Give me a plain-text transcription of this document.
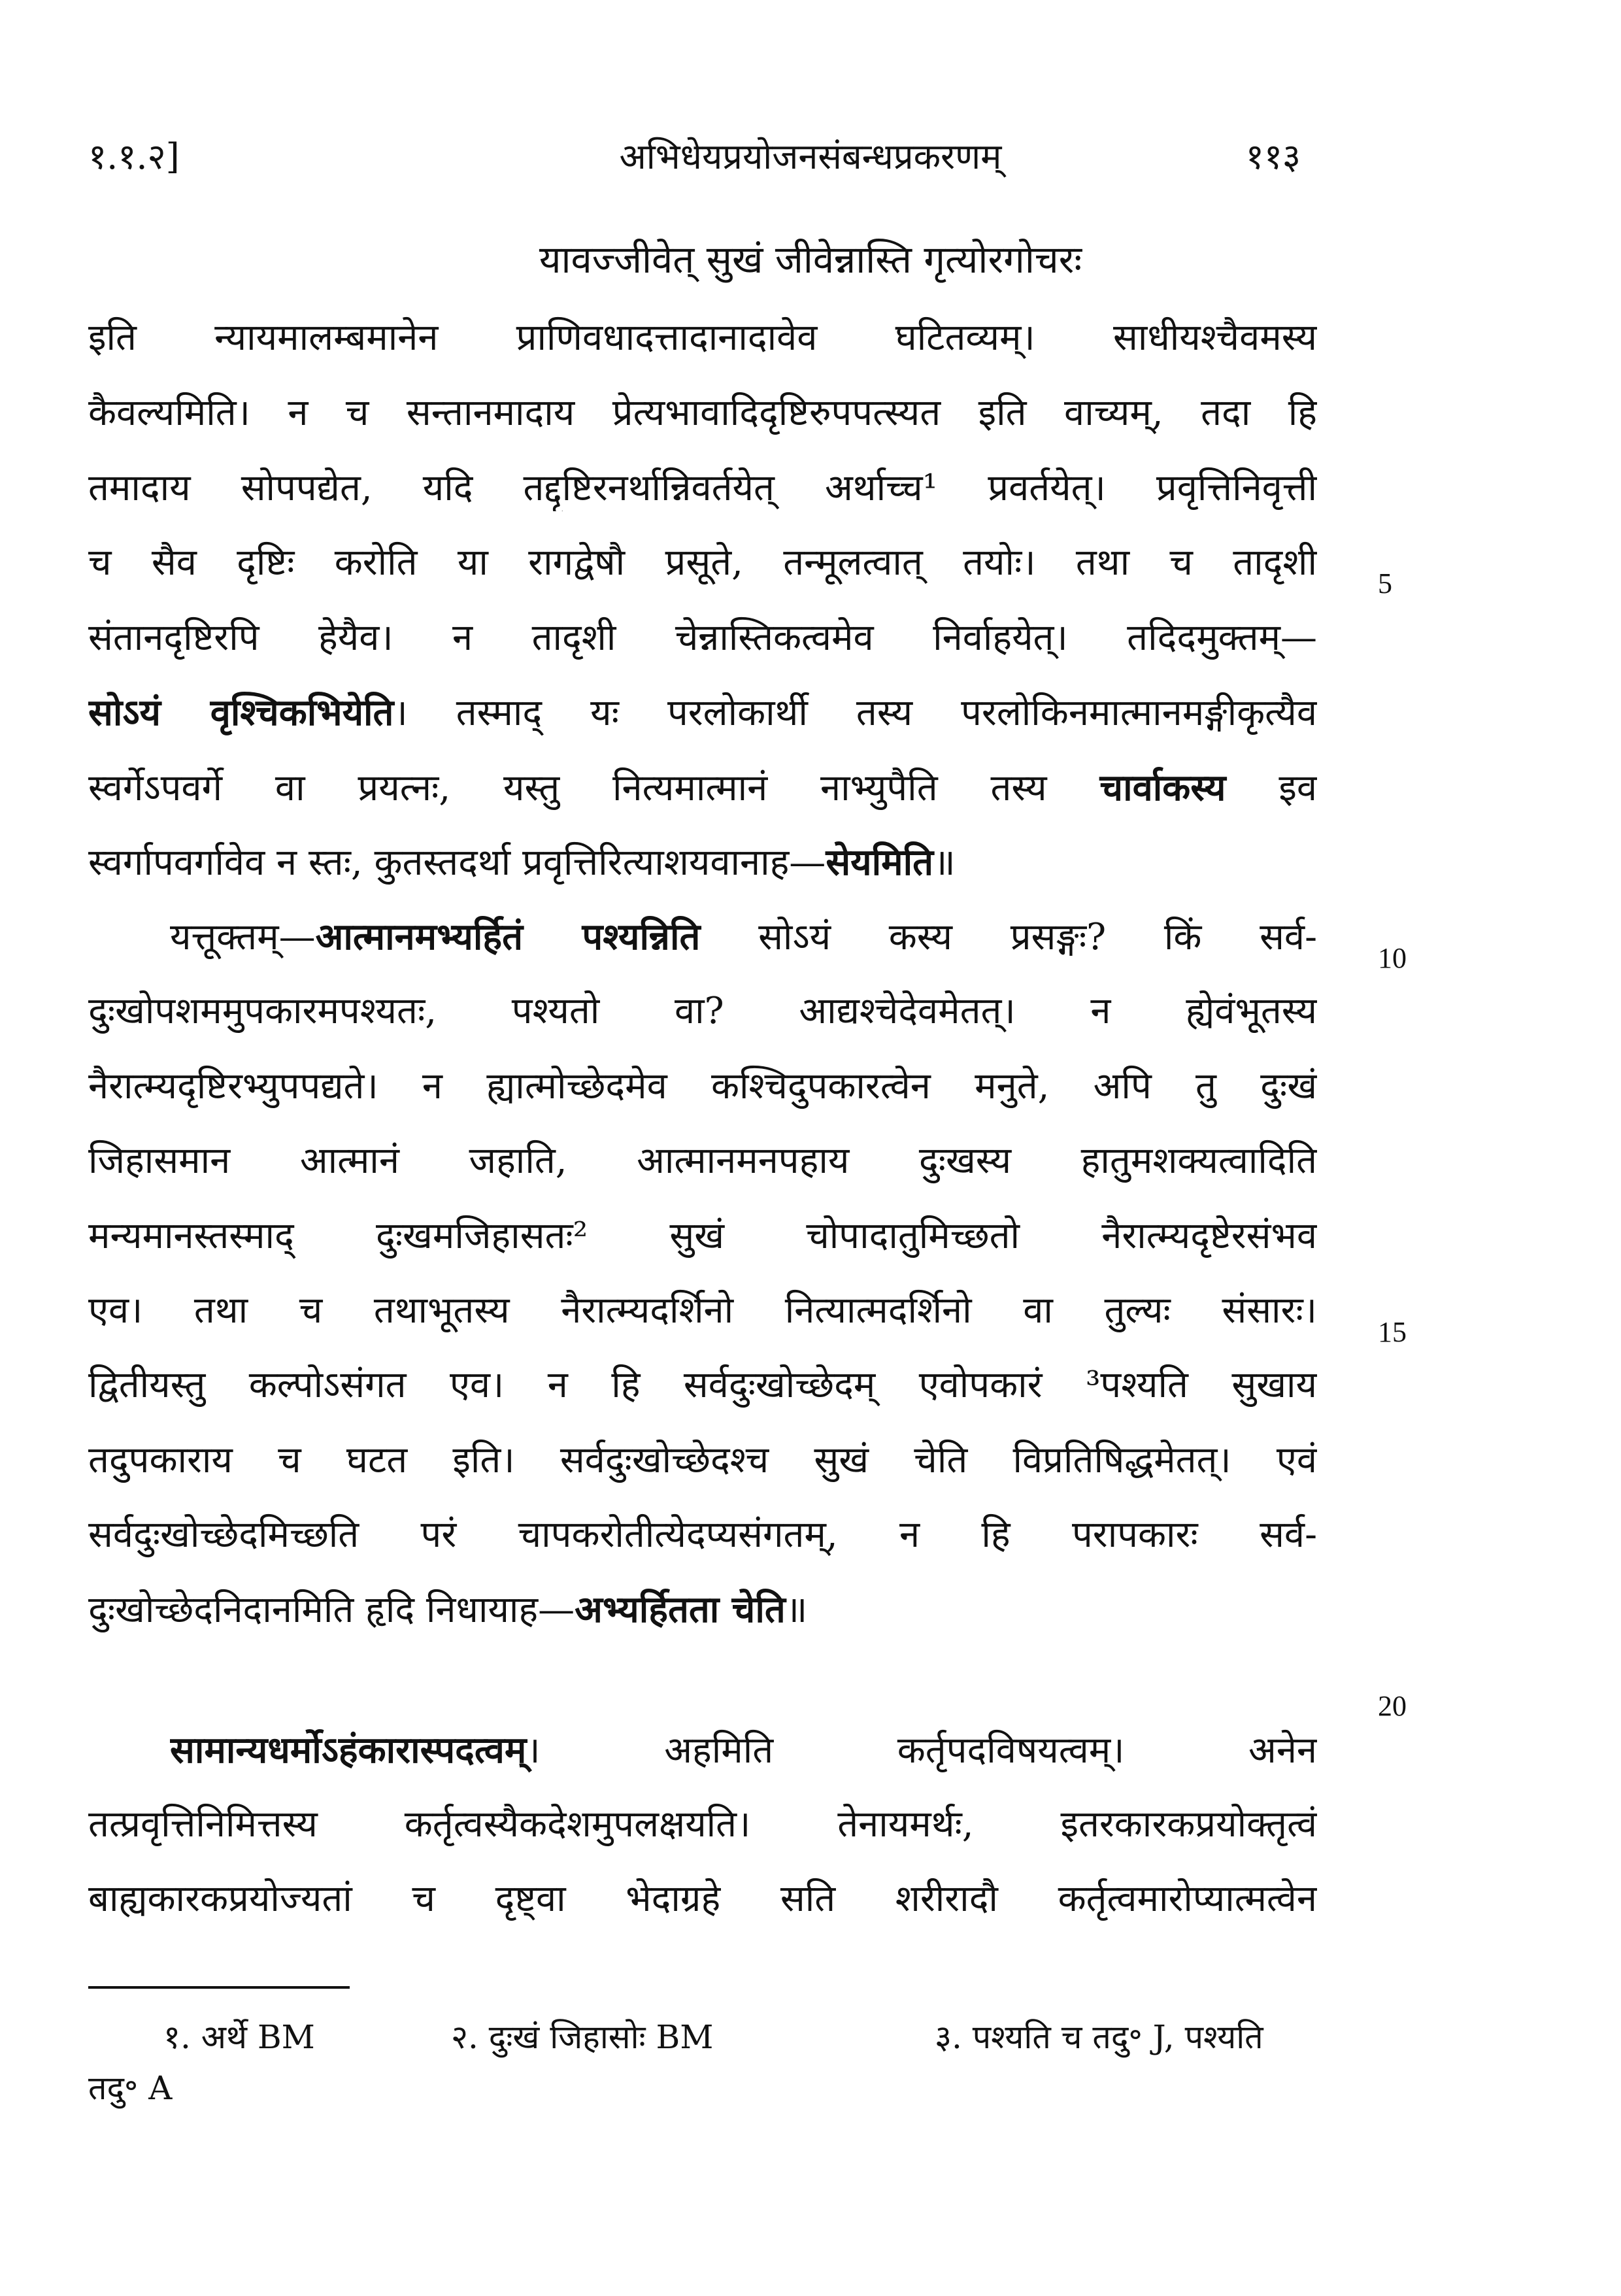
अभिधेयप्रयोजनसंबन्धप्रकरणम्
१.१.२]	११३
यावज्जीवेत् सुखं जीवेन्नास्ति गृत्योरगोचरः
इति न्यायमालम्बमानेन प्राणिवधादत्तादानादावेव घटितव्यम्। साधीयश्चैवमस्य
कैवल्यमिति। न च सन्तानमादाय प्रेत्यभावादिदृष्टिरुपपत्स्यत इति वाच्यम्, तदा हि
तमादाय सोपपद्येत, यदि तद्दृष्टिरनर्थान्निवर्तयेत् अर्थाच्च¹ प्रवर्तयेत्। प्रवृत्तिनिवृत्ती
च सैव दृष्टिः करोति या रागद्वेषौ प्रसूते, तन्मूलत्वात् तयोः। तथा च तादृशी
संतानदृष्टिरपि हेयैव। न तादृशी चेन्नास्तिकत्वमेव निर्वाहयेत्। तदिदमुक्तम्—
सोऽयं वृश्चिकभियेति। तस्माद् यः परलोकार्थी तस्य परलोकिनमात्मानमङ्गीकृत्यैव
स्वर्गेऽपवर्गे वा प्रयत्नः, यस्तु नित्यमात्मानं नाभ्युपैति तस्य चार्वाकस्य इव
स्वर्गापवर्गावेव न स्तः, कुतस्तदर्था प्रवृत्तिरित्याशयवानाह—सेयमिति॥
यत्तूक्तम्—आत्मानमभ्यर्हितं पश्यन्निति सोऽयं कस्य प्रसङ्गः? किं सर्व-
दुःखोपशममुपकारमपश्यतः, पश्यतो वा? आद्यश्चेदेवमेतत्। न ह्येवंभूतस्य
नैरात्म्यदृष्टिरभ्युपपद्यते। न ह्यात्मोच्छेदमेव कश्चिदुपकारत्वेन मनुते, अपि तु दुःखं
जिहासमान आत्मानं जहाति, आत्मानमनपहाय दुःखस्य हातुमशक्यत्वादिति
मन्यमानस्तस्माद् दुःखमजिहासतः² सुखं चोपादातुमिच्छतो नैरात्म्यदृष्टेरसंभव
एव। तथा च तथाभूतस्य नैरात्म्यदर्शिनो नित्यात्मदर्शिनो वा तुल्यः संसारः।
द्वितीयस्तु कल्पोऽसंगत एव। न हि सर्वदुःखोच्छेदम् एवोपकारं ³पश्यति सुखाय
तदुपकाराय च घटत इति। सर्वदुःखोच्छेदश्च सुखं चेति विप्रतिषिद्धमेतत्। एवं
सर्वदुःखोच्छेदमिच्छति परं चापकरोतीत्येदप्यसंगतम्, न हि परापकारः सर्व-
दुःखोच्छेदनिदानमिति हृदि निधायाह—अभ्यर्हितता चेति॥
सामान्यधर्मोऽहंकारास्पदत्वम्। अहमिति कर्तृपदविषयत्वम्। अनेन
तत्प्रवृत्तिनिमित्तस्य कर्तृत्वस्यैकदेशमुपलक्षयति। तेनायमर्थः, इतरकारकप्रयोक्तृत्वं
बाह्यकारकप्रयोज्यतां च दृष्ट्वा भेदाग्रहे सति शरीरादौ कर्तृत्वमारोप्यात्मत्वेन
5
10
15
20
१. अर्थे BM	२. दुःखं जिहासोः BM	३. पश्यति च तदु॰ J, पश्यति
तदु॰ A
